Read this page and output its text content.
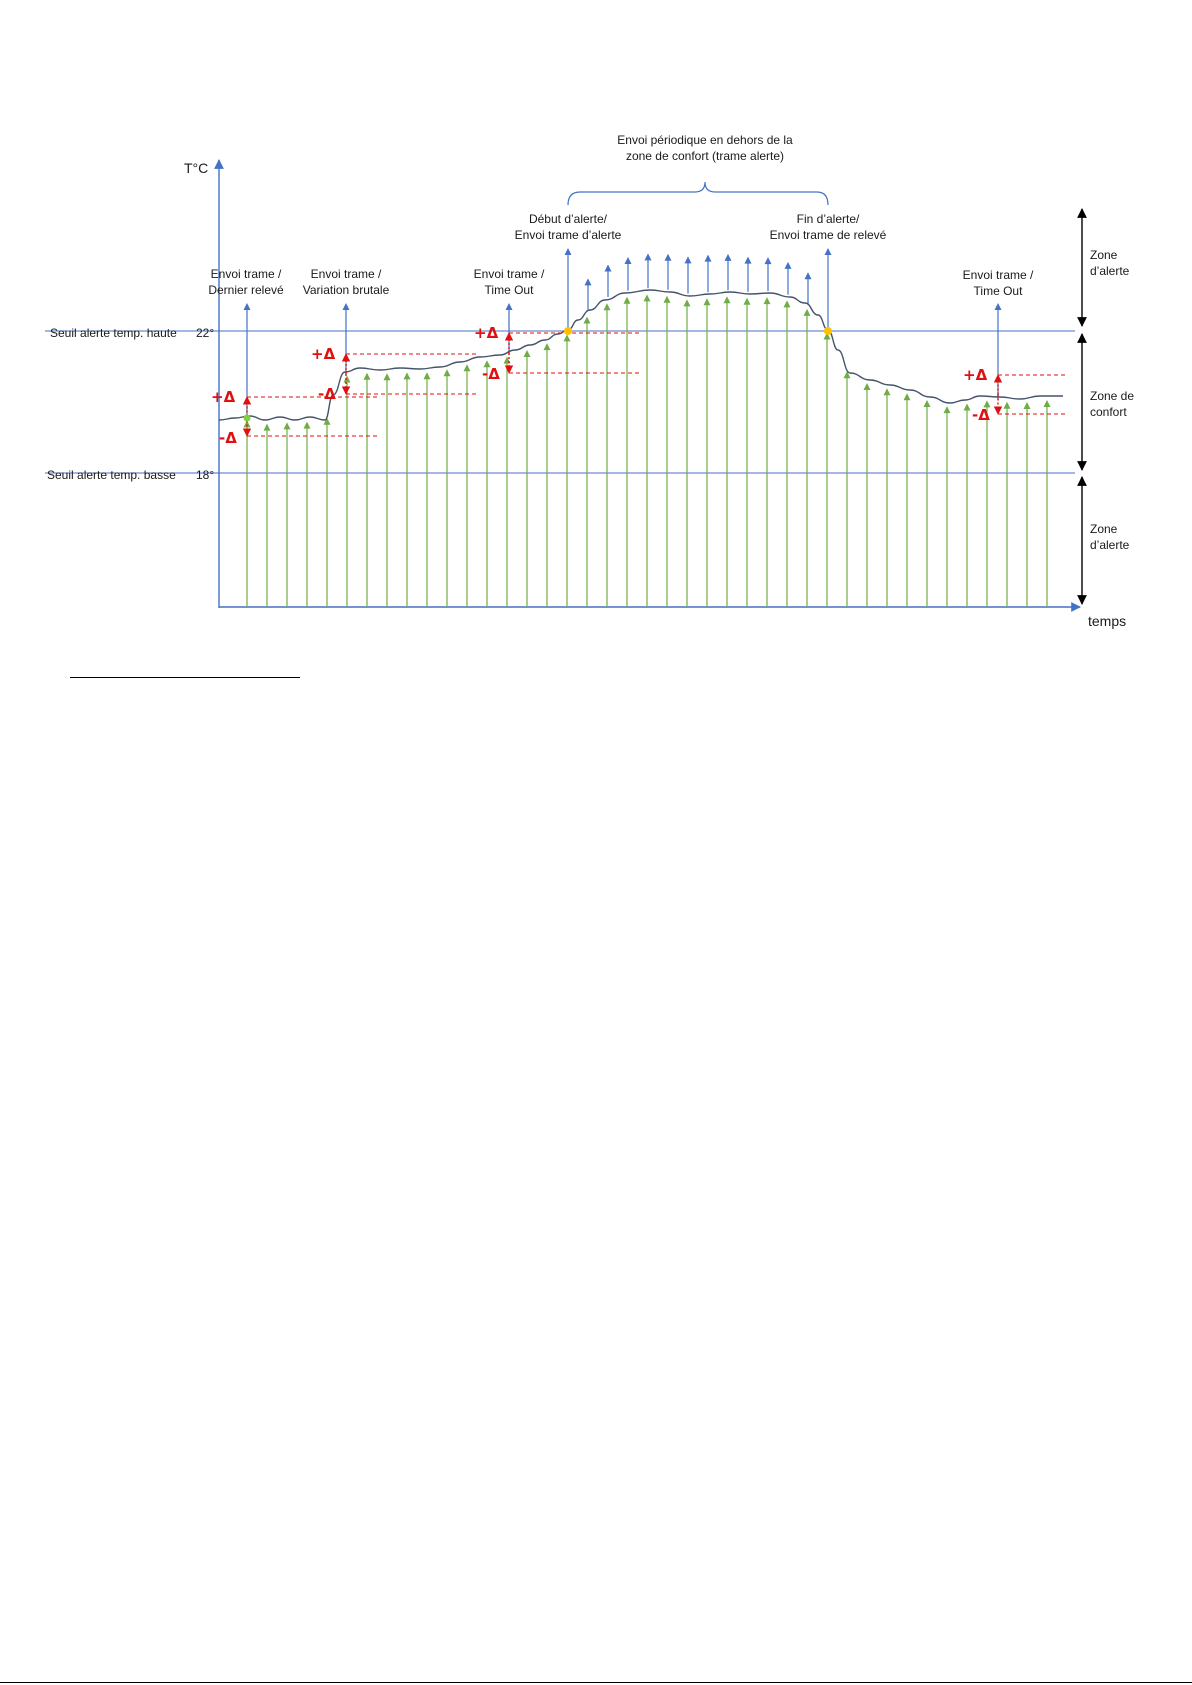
T°C
temps
Seuil alerte temp. haute 22°
Seuil alerte temp. basse 18°
Zone
d’alerte
Zone de
confort
Zone
d’alerte
Envoi périodique en dehors de la
zone de confort (trame alerte)
Envoi trame /
Dernier relevé
Envoi trame /
Variation brutale
Envoi trame /
Time Out
Début d’alerte/
Envoi trame d’alerte
Fin d’alerte/
Envoi trame de relevé
Envoi trame /
Time Out
+Δ
-Δ
+Δ
-Δ
+Δ
-Δ	+Δ
-Δ
